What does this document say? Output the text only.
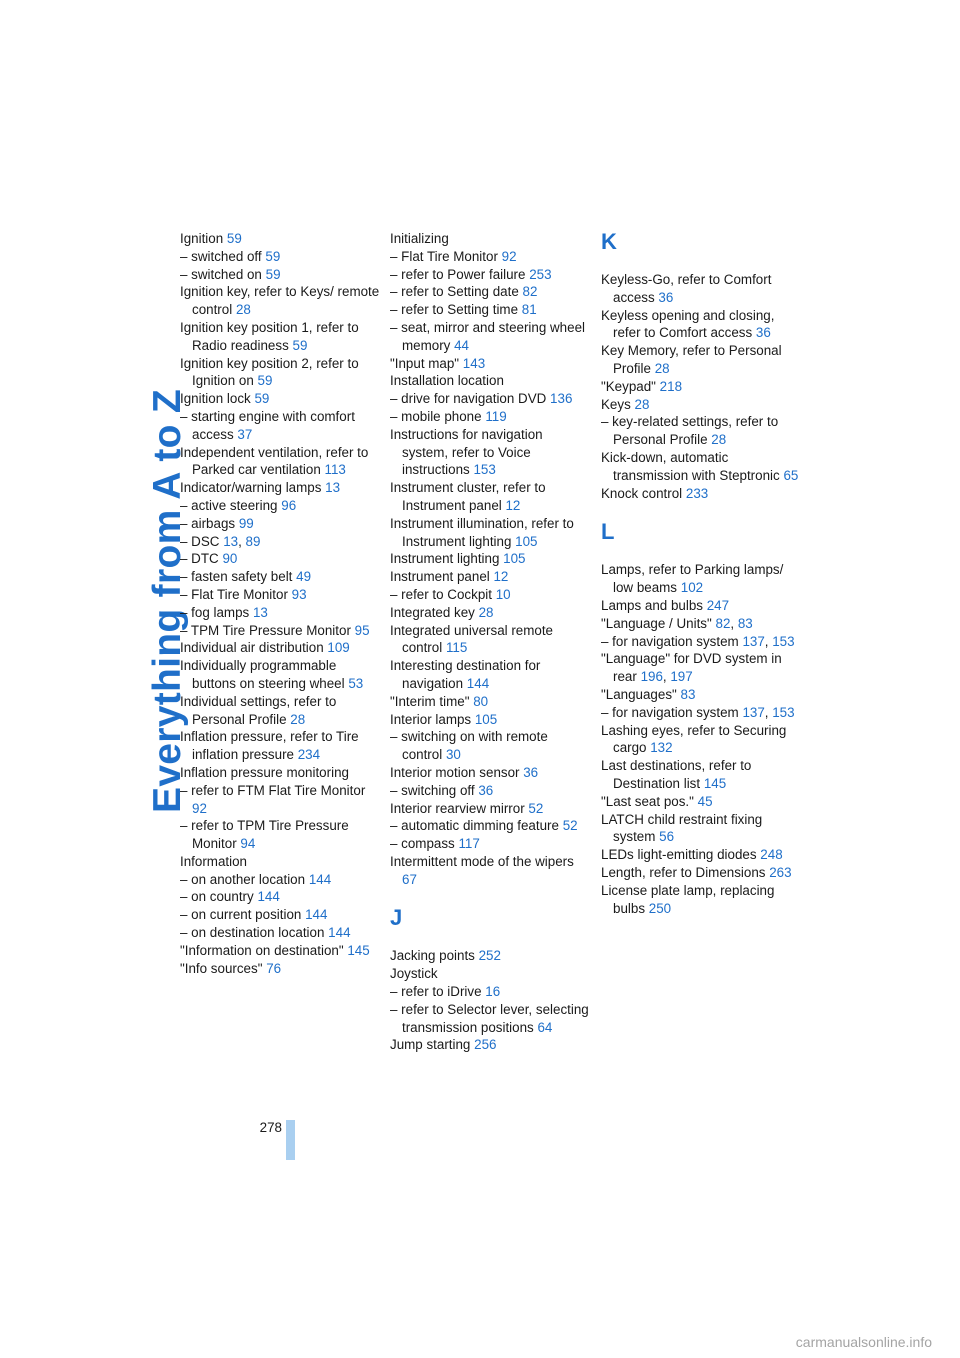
Everything from A to Z
Ignition 59
– switched off 59
– switched on 59
Ignition key, refer to Keys/ remote control 28
Ignition key position 1, refer to Radio readiness 59
Ignition key position 2, refer to Ignition on 59
Ignition lock 59
– starting engine with comfort access 37
Independent ventilation, refer to Parked car ventilation 113
Indicator/warning lamps 13
– active steering 96
– airbags 99
– DSC 13, 89
– DTC 90
– fasten safety belt 49
– Flat Tire Monitor 93
– fog lamps 13
– TPM Tire Pressure Monitor 95
Individual air distribution 109
Individually programmable buttons on steering wheel 53
Individual settings, refer to Personal Profile 28
Inflation pressure, refer to Tire inflation pressure 234
Inflation pressure monitoring
– refer to FTM Flat Tire Monitor 92
– refer to TPM Tire Pressure Monitor 94
Information
– on another location 144
– on country 144
– on current position 144
– on destination location 144
"Information on destination" 145
"Info sources" 76
Initializing
– Flat Tire Monitor 92
– refer to Power failure 253
– refer to Setting date 82
– refer to Setting time 81
– seat, mirror and steering wheel memory 44
"Input map" 143
Installation location
– drive for navigation DVD 136
– mobile phone 119
Instructions for navigation system, refer to Voice instructions 153
Instrument cluster, refer to Instrument panel 12
Instrument illumination, refer to Instrument lighting 105
Instrument lighting 105
Instrument panel 12
– refer to Cockpit 10
Integrated key 28
Integrated universal remote control 115
Interesting destination for navigation 144
"Interim time" 80
Interior lamps 105
– switching on with remote control 30
Interior motion sensor 36
– switching off 36
Interior rearview mirror 52
– automatic dimming feature 52
– compass 117
Intermittent mode of the wipers 67
J
Jacking points 252
Joystick
– refer to iDrive 16
– refer to Selector lever, selecting transmission positions 64
Jump starting 256
K
Keyless-Go, refer to Comfort access 36
Keyless opening and closing, refer to Comfort access 36
Key Memory, refer to Personal Profile 28
"Keypad" 218
Keys 28
– key-related settings, refer to Personal Profile 28
Kick-down, automatic transmission with Steptronic 65
Knock control 233
L
Lamps, refer to Parking lamps/ low beams 102
Lamps and bulbs 247
"Language / Units" 82, 83
– for navigation system 137, 153
"Language" for DVD system in rear 196, 197
"Languages" 83
– for navigation system 137, 153
Lashing eyes, refer to Securing cargo 132
Last destinations, refer to Destination list 145
"Last seat pos." 45
LATCH child restraint fixing system 56
LEDs light-emitting diodes 248
Length, refer to Dimensions 263
License plate lamp, replacing bulbs 250
278
carmanualsonline.info
